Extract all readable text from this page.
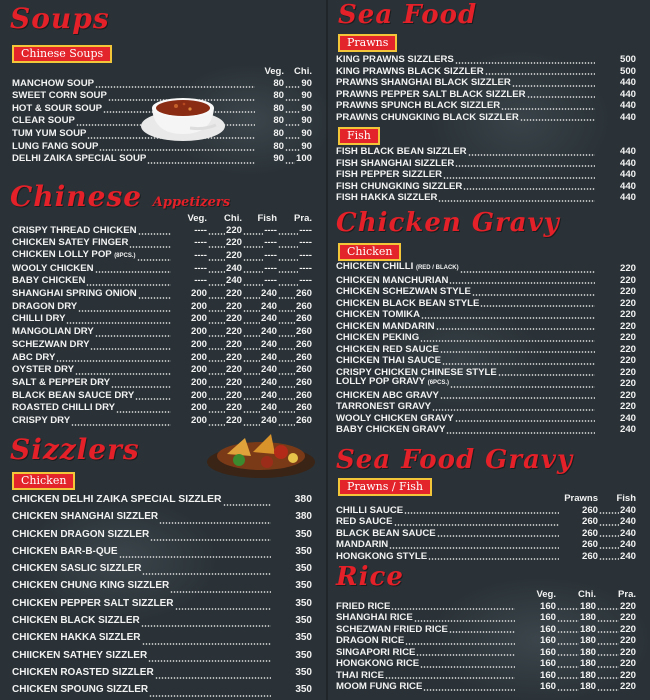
Soups
Chinese Soups
Veg.	Chi.
MANCHOW SOUP	80 90
SWEET CORN SOUP	80 90
HOT & SOUR SOUP	80 90
CLEAR SOUP	80 90
TUM YUM SOUP	80 90
LUNG FANG SOUP	80 90
DELHI ZAIKA SPECIAL SOUP	90 100
Chinese Appetizers
Veg.	Chi.	Fish	Pra.
CRISPY THREAD CHICKEN	---- 220 ---- ----
CHICKEN SATEY FINGER	---- 220 ---- ----
CHICKEN LOLLY POP (8PCS.)	---- 220 ---- ----
WOOLY CHICKEN	---- 240 ---- ----
BABY CHICKEN	---- 240 ---- ----
SHANGHAI SPRING ONION	200 220 240 260
DRAGON DRY	200 220 240 260
CHILLI DRY	200 220 240 260
MANGOLIAN DRY	200 220 240 260
SCHEZWAN DRY	200 220 240 260
ABC DRY	200 220 240 260
OYSTER DRY	200 220 240 260
SALT & PEPPER DRY	200 220 240 260
BLACK BEAN SAUCE DRY	200 220 240 260
ROASTED CHILLI DRY	200 220 240 260
CRISPY DRY	200 220 240 260
Sizzlers
Chicken
CHICKEN DELHI ZAIKA SPECIAL SIZZLER	380
CHICKEN SHANGHAI SIZZLER	380
CHICKEN DRAGON SIZZLER	350
CHICKEN BAR-B-QUE	350
CHICKEN SASLIC SIZZLER	350
CHICKEN CHUNG KING SIZZLER	350
CHICKEN PEPPER SALT SIZZLER	350
CHICKEN BLACK SIZZLER	350
CHICKEN HAKKA SIZZLER	350
CHIICKEN SATHEY SIZZLER	350
CHICKEN ROASTED SIZZLER	350
CHICKEN SPOUNG SIZZLER	350
Sea Food
Prawns
KING PRAWNS SIZZLERS	500
KING PRAWNS BLACK SIZZLER	500
PRAWNS SHANGHAI BLACK SIZZLER	440
PRAWNS PEPPER SALT BLACK SIZZLER	440
PRAWNS SPUNCH BLACK SIZZLER	440
PRAWNS CHUNGKING BLACK SIZZLER	440
Fish
FISH BLACK BEAN SIZZLER	440
FISH SHANGHAI SIZZLER	440
FISH PEPPER SIZZLER	440
FISH CHUNGKING SIZZLER	440
FISH HAKKA SIZZLER	440
Chicken Gravy
Chicken
CHICKEN CHILLI (RED / BLACK)	220
CHICKEN MANCHURIAN	220
CHICKEN SCHEZWAN STYLE	220
CHICKEN BLACK BEAN STYLE	220
CHICKEN TOMIKA	220
CHICKEN MANDARIN	220
CHICKEN PEKING	220
CHICKEN RED SAUCE	220
CHICKEN THAI SAUCE	220
CRISPY CHICKEN CHINESE STYLE	220
LOLLY POP GRAVY (6PCS.)	220
CHICKEN ABC GRAVY	220
TARRONEST GRAVY	220
WOOLY CHICKEN GRAVY	240
BABY CHICKEN GRAVY	240
Sea Food Gravy
Prawns / Fish
Prawns	Fish
CHILLI SAUCE	260 240
RED SAUCE	260 240
BLACK BEAN SAUCE	260 240
MANDARIN	260 240
HONGKONG STYLE	260 240
Rice
Veg.	Chi.	Pra.
FRIED RICE	160 180 220
SHANGHAI RICE	160 180 220
SCHEZWAN FRIED RICE	160 180 220
DRAGON RICE	160 180 220
SINGAPORI RICE	160 180 220
HONGKONG RICE	160 180 220
THAI RICE	160 180 220
MOOM FUNG RICE	160 180 220
